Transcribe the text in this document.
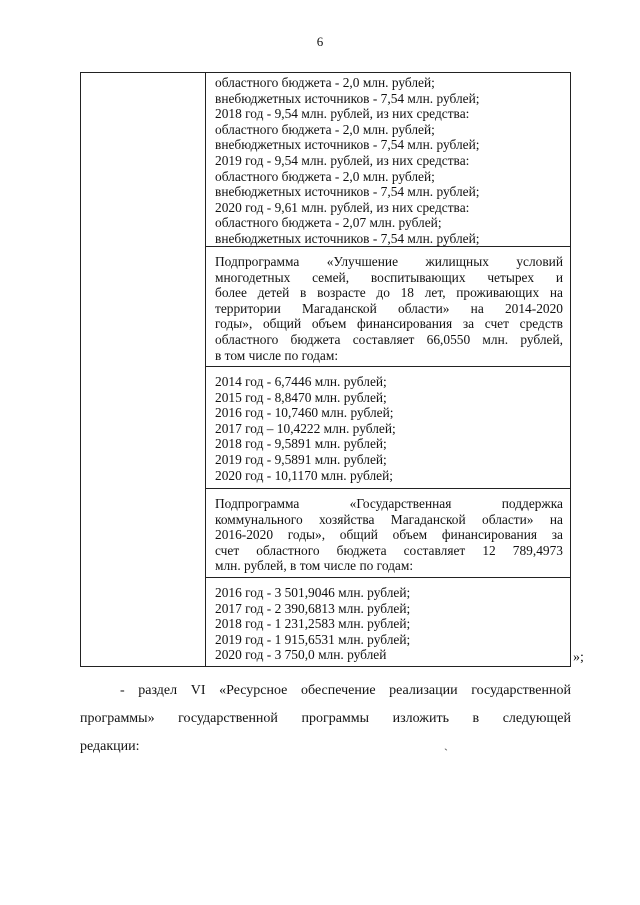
6
областного бюджета - 2,0 млн. рублей;
внебюджетных источников - 7,54 млн. рублей;
2018 год - 9,54 млн. рублей, из них средства:
областного бюджета - 2,0 млн. рублей;
внебюджетных источников - 7,54 млн. рублей;
2019 год - 9,54 млн. рублей, из них средства:
областного бюджета - 2,0 млн. рублей;
внебюджетных источников - 7,54 млн. рублей;
2020 год - 9,61 млн. рублей, из них средства:
областного бюджета - 2,07 млн. рублей;
внебюджетных источников - 7,54 млн. рублей;
Подпрограмма «Улучшение жилищных условий
многодетных семей, воспитывающих четырех и
более детей в возрасте до 18 лет, проживающих на
территории Магаданской области» на 2014-2020
годы», общий объем финансирования за счет средств
областного бюджета составляет 66,0550 млн. рублей,
в том числе по годам:
2014 год - 6,7446 млн. рублей;
2015 год - 8,8470 млн. рублей;
2016 год - 10,7460 млн. рублей;
2017 год – 10,4222 млн. рублей;
2018 год - 9,5891 млн. рублей;
2019 год - 9,5891 млн. рублей;
2020 год - 10,1170 млн. рублей;
Подпрограмма «Государственная поддержка
коммунального хозяйства Магаданской области» на
2016-2020 годы», общий объем финансирования за
счет областного бюджета составляет 12 789,4973
млн. рублей, в том числе по годам:
2016 год - 3 501,9046 млн. рублей;
2017 год - 2 390,6813 млн. рублей;
2018 год - 1 231,2583 млн. рублей;
2019 год - 1 915,6531 млн. рублей;
2020 год - 3 750,0 млн. рублей	»;
- раздел VI «Ресурсное обеспечение реализации государственной
программы» государственной программы изложить в следующей
редакции:	ˏ
